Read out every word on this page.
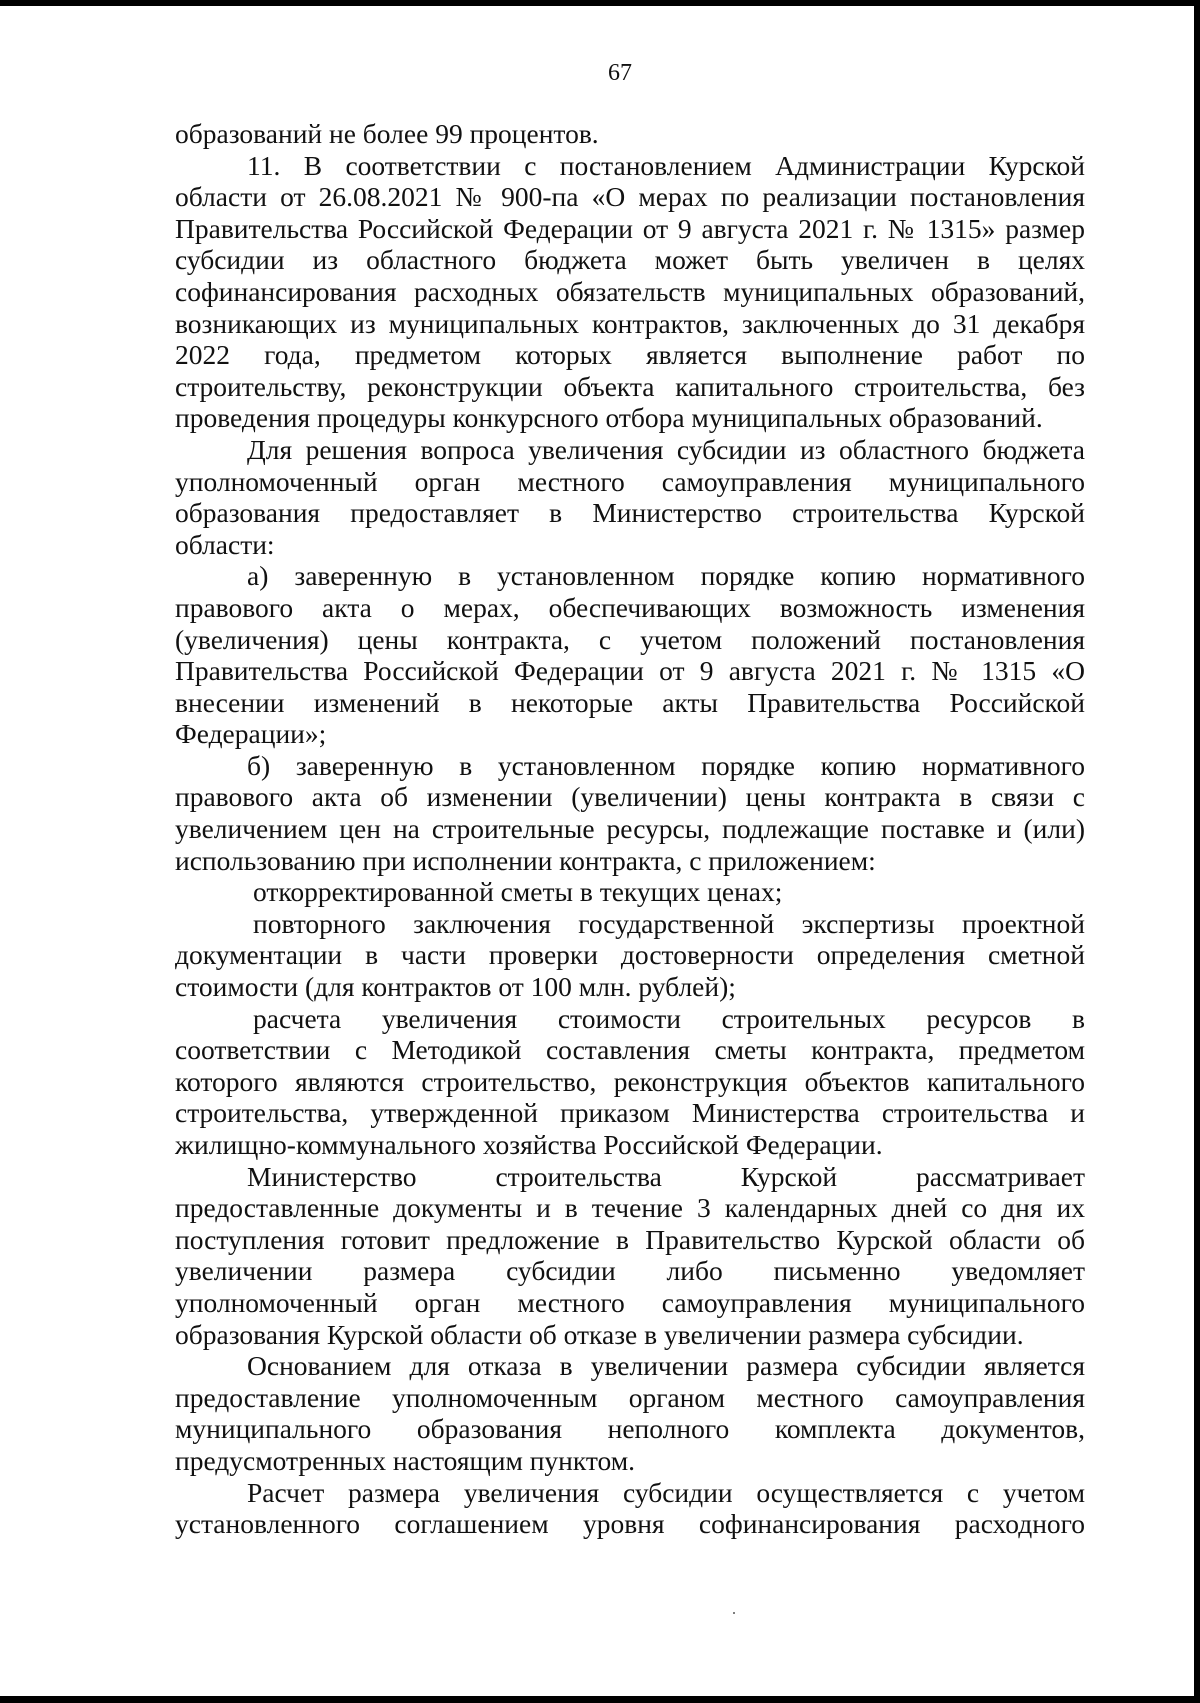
67

образований не более 99 процентов.

11. В соответствии с постановлением Администрации Курской

области от 26.08.2021 № 900-па «О мерах по реализации постановления

Правительства Российской Федерации от 9 августа 2021 г. № 1315» размер

субсидии из областного бюджета может быть увеличен в целях

софинансирования расходных обязательств муниципальных образований,

возникающих из муниципальных контрактов, заключенных до 31 декабря

2022 года, предметом которых является выполнение работ по

строительству, реконструкции объекта капитального строительства, без

проведения процедуры конкурсного отбора муниципальных образований.

Для решения вопроса увеличения субсидии из областного бюджета

уполномоченный орган местного самоуправления муниципального

образования предоставляет в Министерство строительства Курской

области:

а) заверенную в установленном порядке копию нормативного

правового акта о мерах, обеспечивающих возможность изменения

(увеличения) цены контракта, с учетом положений постановления

Правительства Российской Федерации от 9 августа 2021 г. № 1315 «О

внесении изменений в некоторые акты Правительства Российской

Федерации»;

б) заверенную в установленном порядке копию нормативного

правового акта об изменении (увеличении) цены контракта в связи с

увеличением цен на строительные ресурсы, подлежащие поставке и (или)

использованию при исполнении контракта, с приложением:

откорректированной сметы в текущих ценах;

повторного заключения государственной экспертизы проектной

документации в части проверки достоверности определения сметной

стоимости (для контрактов от 100 млн. рублей);

расчета увеличения стоимости строительных ресурсов в

соответствии с Методикой составления сметы контракта, предметом

которого являются строительство, реконструкция объектов капитального

строительства, утвержденной приказом Министерства строительства и

жилищно-коммунального хозяйства Российской Федерации.

Министерство строительства Курской рассматривает

предоставленные документы и в течение 3 календарных дней со дня их

поступления готовит предложение в Правительство Курской области об

увеличении размера субсидии либо письменно уведомляет

уполномоченный орган местного самоуправления муниципального

образования Курской области об отказе в увеличении размера субсидии.

Основанием для отказа в увеличении размера субсидии является

предоставление уполномоченным органом местного самоуправления

муниципального образования неполного комплекта документов,

предусмотренных настоящим пунктом.

Расчет размера увеличения субсидии осуществляется с учетом

установленного соглашением уровня софинансирования расходного
